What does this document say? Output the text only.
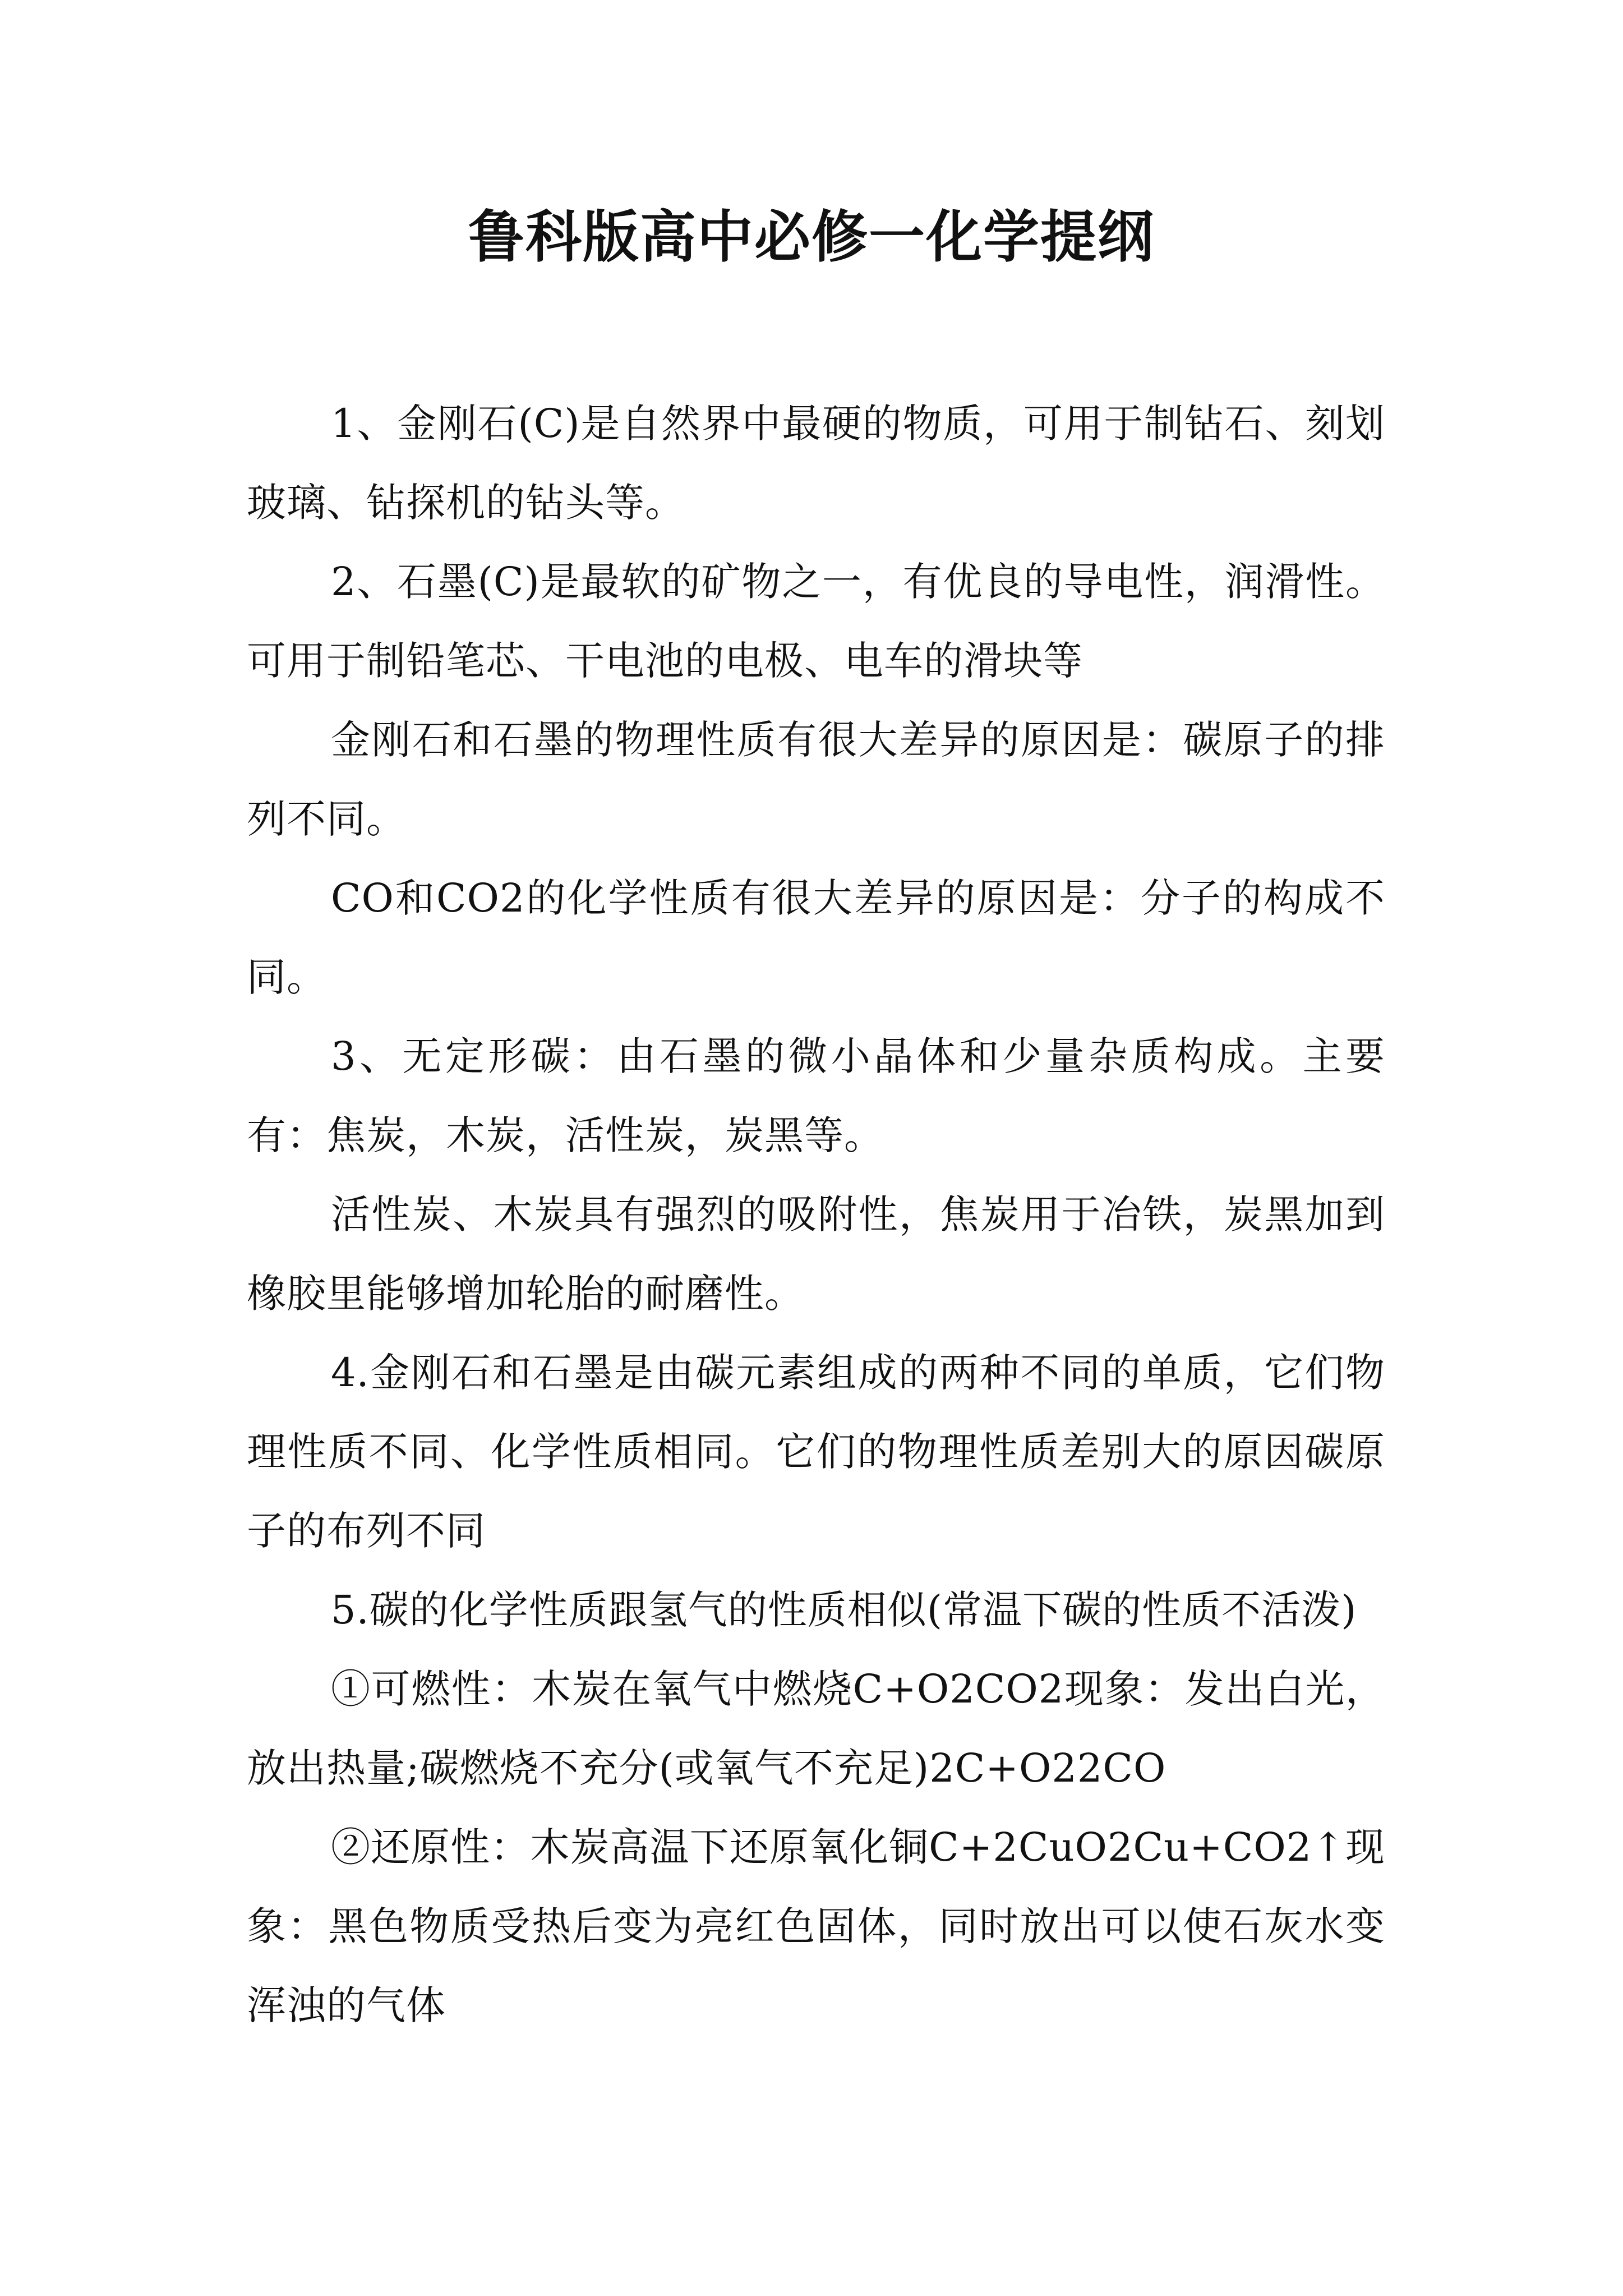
鲁科版高中必修一化学提纲

1、金刚石(C)是自然界中最硬的物质，可用于制钻石、刻划玻璃、钻探机的钻头等。

2、石墨(C)是最软的矿物之一，有优良的导电性，润滑性。可用于制铅笔芯、干电池的电极、电车的滑块等

金刚石和石墨的物理性质有很大差异的原因是：碳原子的排列不同。

CO和CO2的化学性质有很大差异的原因是：分子的构成不同。

3、无定形碳：由石墨的微小晶体和少量杂质构成。主要有：焦炭，木炭，活性炭，炭黑等。

活性炭、木炭具有强烈的吸附性，焦炭用于冶铁，炭黑加到橡胶里能够增加轮胎的耐磨性。

4.金刚石和石墨是由碳元素组成的两种不同的单质，它们物理性质不同、化学性质相同。它们的物理性质差别大的原因碳原子的布列不同

5.碳的化学性质跟氢气的性质相似(常温下碳的性质不活泼)

①可燃性：木炭在氧气中燃烧C+O2CO2现象：发出白光，放出热量;碳燃烧不充分(或氧气不充足)2C+O22CO

②还原性：木炭高温下还原氧化铜C+2CuO2Cu+CO2↑现象：黑色物质受热后变为亮红色固体，同时放出可以使石灰水变浑浊的气体
